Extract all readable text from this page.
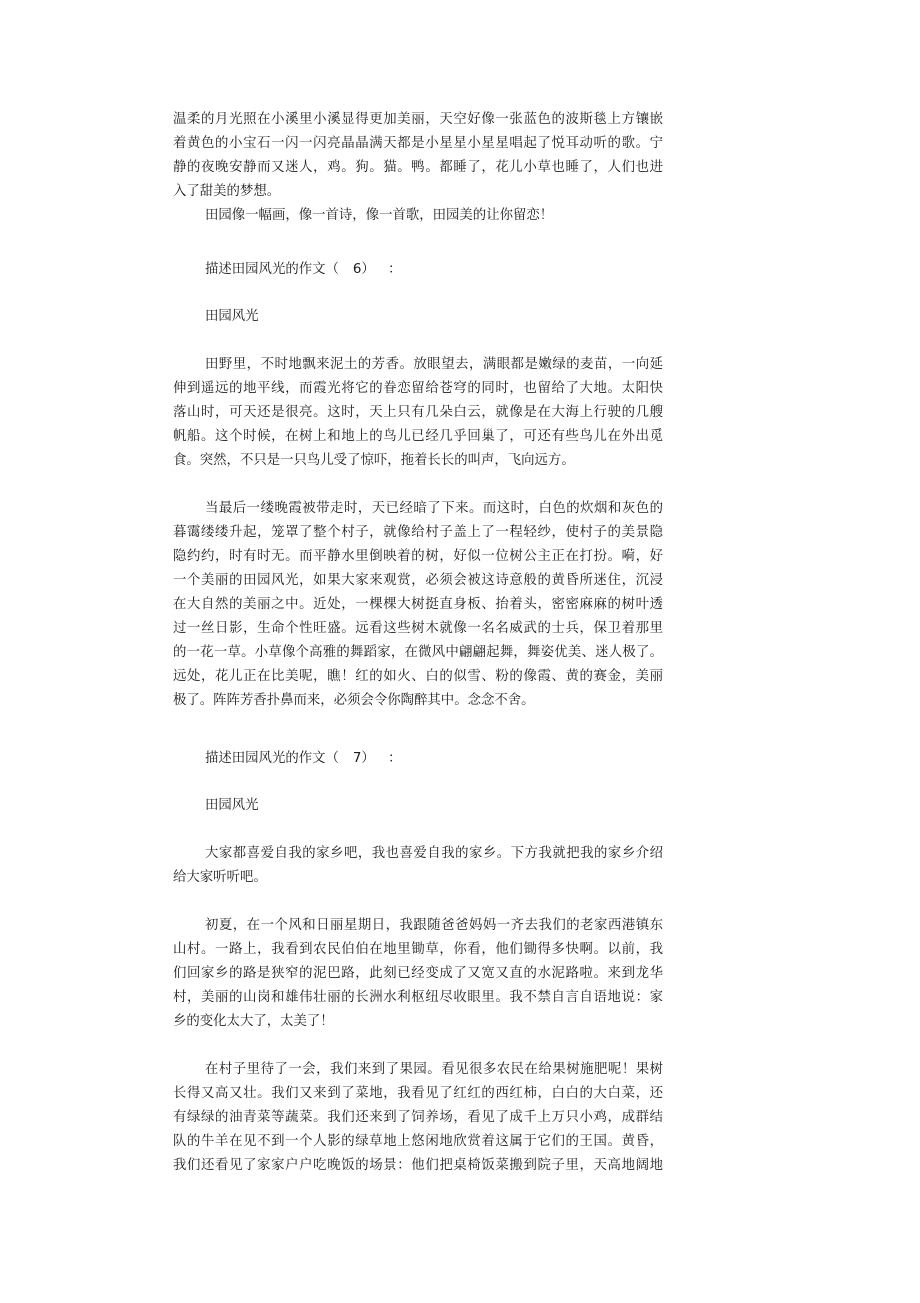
温柔的月光照在小溪里小溪显得更加美丽，天空好像一张蓝色的波斯毯上方镶嵌
着黄色的小宝石一闪一闪亮晶晶满天都是小星星小星星唱起了悦耳动听的歌。宁
静的夜晚安静而又迷人，鸡。狗。猫。鸭。都睡了，花儿小草也睡了，人们也进
入了甜美的梦想。
田园像一幅画，像一首诗，像一首歌，田园美的让你留恋！
描述田园风光的作文（ 6） ：
田园风光
田野里，不时地飘来泥土的芳香。放眼望去，满眼都是嫩绿的麦苗，一向延
伸到遥远的地平线，而霞光将它的眷恋留给苍穹的同时，也留给了大地。太阳快
落山时，可天还是很亮。这时，天上只有几朵白云，就像是在大海上行驶的几艘
帆船。这个时候，在树上和地上的鸟儿已经几乎回巢了，可还有些鸟儿在外出觅
食。突然，不只是一只鸟儿受了惊吓，拖着长长的叫声，飞向远方。
当最后一缕晚霞被带走时，天已经暗了下来。而这时，白色的炊烟和灰色的
暮霭缕缕升起，笼罩了整个村子，就像给村子盖上了一程轻纱，使村子的美景隐
隐约约，时有时无。而平静水里倒映着的树，好似一位树公主正在打扮。嗬，好
一个美丽的田园风光，如果大家来观赏，必须会被这诗意般的黄昏所迷住，沉浸
在大自然的美丽之中。近处，一棵棵大树挺直身板、抬着头，密密麻麻的树叶透
过一丝日影，生命个性旺盛。远看这些树木就像一名名威武的士兵，保卫着那里
的一花一草。小草像个高雅的舞蹈家，在微风中翩翩起舞，舞姿优美、迷人极了。
远处，花儿正在比美呢，瞧！红的如火、白的似雪、粉的像霞、黄的赛金，美丽
极了。阵阵芳香扑鼻而来，必须会令你陶醉其中。念念不舍。
描述田园风光的作文（ 7） ：
田园风光
大家都喜爱自我的家乡吧，我也喜爱自我的家乡。下方我就把我的家乡介绍
给大家听听吧。
初夏，在一个风和日丽星期日，我跟随爸爸妈妈一齐去我们的老家西港镇东
山村。一路上，我看到农民伯伯在地里锄草，你看，他们锄得多快啊。以前，我
们回家乡的路是狭窄的泥巴路，此刻已经变成了又宽又直的水泥路啦。来到龙华
村，美丽的山岗和雄伟壮丽的长洲水利枢纽尽收眼里。我不禁自言自语地说：家
乡的变化太大了，太美了！
在村子里待了一会，我们来到了果园。看见很多农民在给果树施肥呢！果树
长得又高又壮。我们又来到了菜地，我看见了红红的西红柿，白白的大白菜，还
有绿绿的油青菜等蔬菜。我们还来到了饲养场，看见了成千上万只小鸡，成群结
队的牛羊在见不到一个人影的绿草地上悠闲地欣赏着这属于它们的王国。黄昏，
我们还看见了家家户户吃晚饭的场景：他们把桌椅饭菜搬到院子里，天高地阔地
